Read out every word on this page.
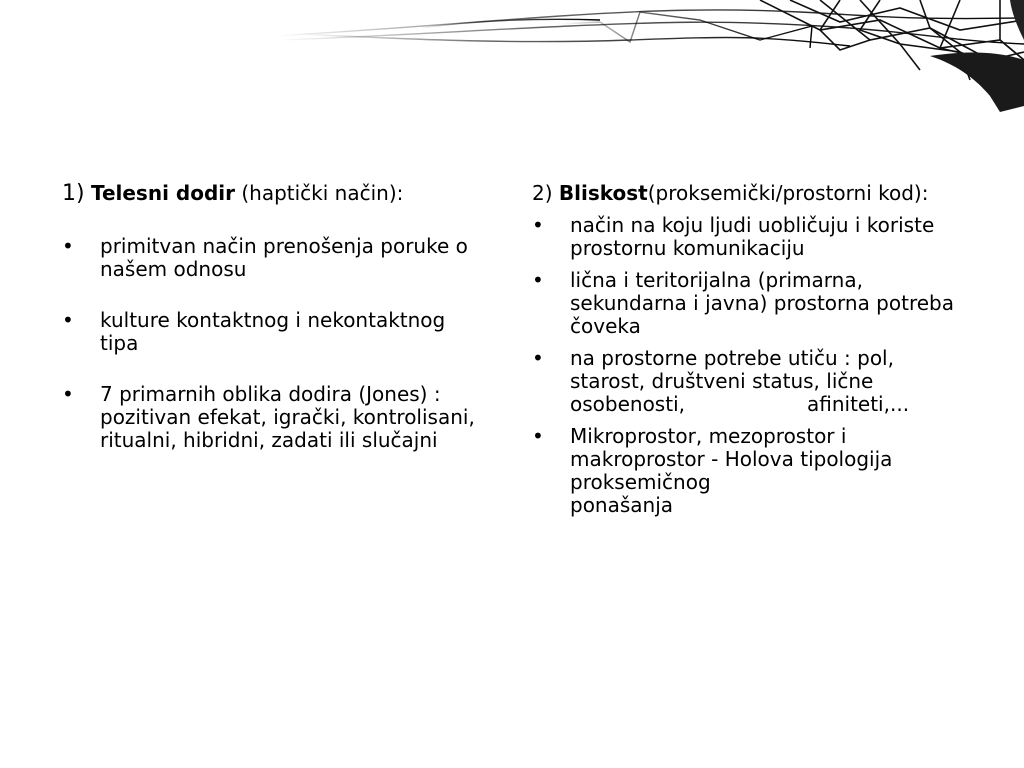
1) Telesni dodir (haptički način):

• primitvan način prenošenja poruke o našem odnosu
• kulture kontaktnog i nekontaktnog tipa
• 7 primarnih oblika dodira (Jones) : pozitivan efekat, igrački, kontrolisani, ritualni, hibridni, zadati ili slučajni

2) Bliskost(proksemički/prostorni kod):

• način na koju ljudi uobličuju i koriste prostornu komunikaciju
• lična i teritorijalna (primarna, sekundarna i javna) prostorna potreba čoveka
• na prostorne potrebe utiču : pol, starost, društveni status, lične osobenosti,	afiniteti,...
• Mikroprostor, mezoprostor i makroprostor - Holova tipologija proksemičnog
ponašanja
